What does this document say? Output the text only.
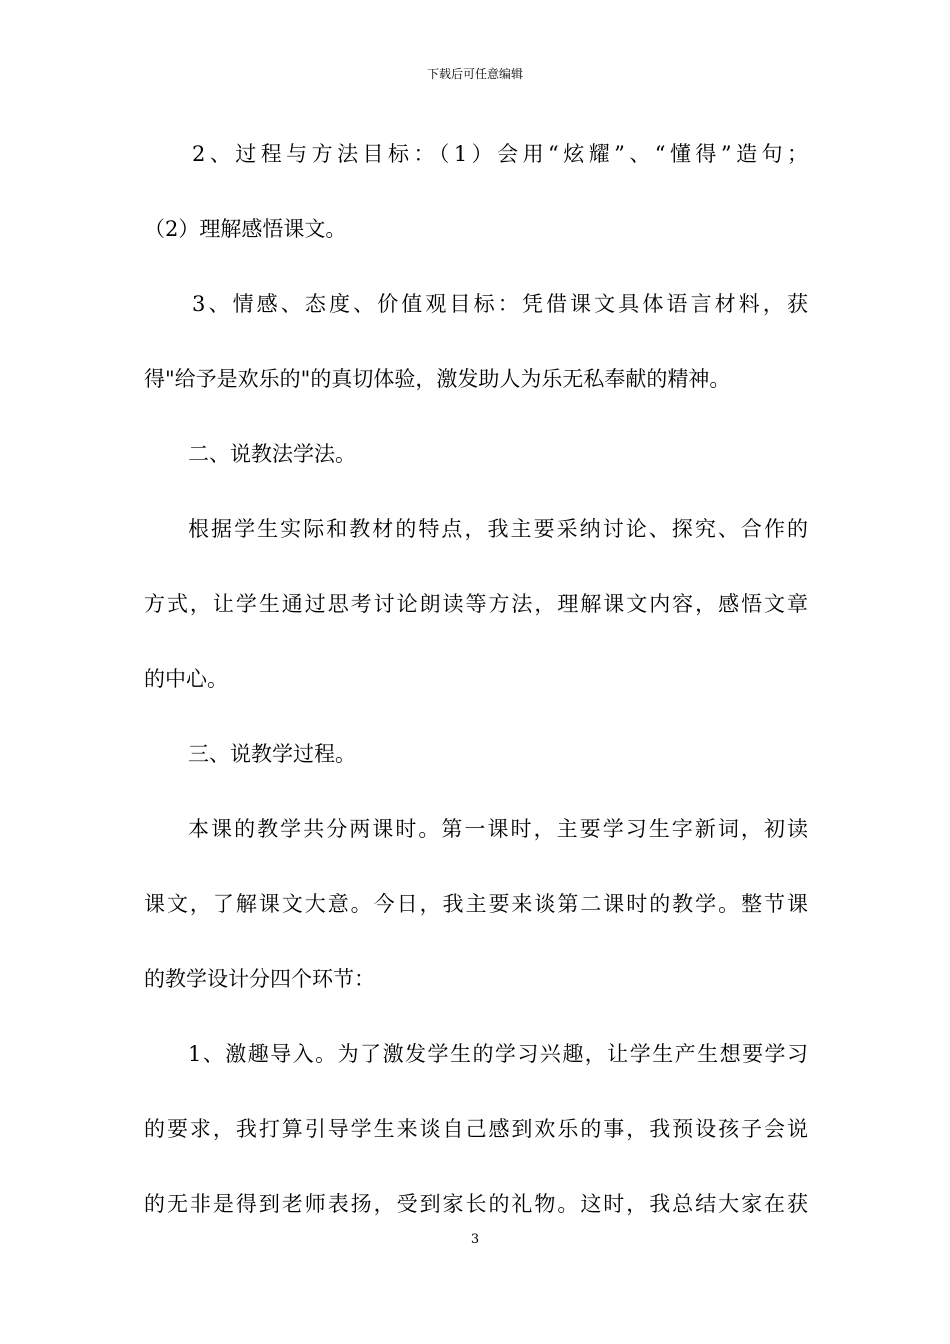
下载后可任意编辑
2、过程与方法目标：（1）会用“炫耀”、“懂得”造句；
（2）理解感悟课文。
3、情感、态度、价值观目标：凭借课文具体语言材料，获
得"给予是欢乐的"的真切体验，激发助人为乐无私奉献的精神。
二、说教法学法。
根据学生实际和教材的特点，我主要采纳讨论、探究、合作的
方式，让学生通过思考讨论朗读等方法，理解课文内容，感悟文章
的中心。
三、说教学过程。
本课的教学共分两课时。第一课时，主要学习生字新词，初读
课文，了解课文大意。今日，我主要来谈第二课时的教学。整节课
的教学设计分四个环节：
1、激趣导入。为了激发学生的学习兴趣，让学生产生想要学习
的要求，我打算引导学生来谈自己感到欢乐的事，我预设孩子会说
的无非是得到老师表扬，受到家长的礼物。这时，我总结大家在获
3
